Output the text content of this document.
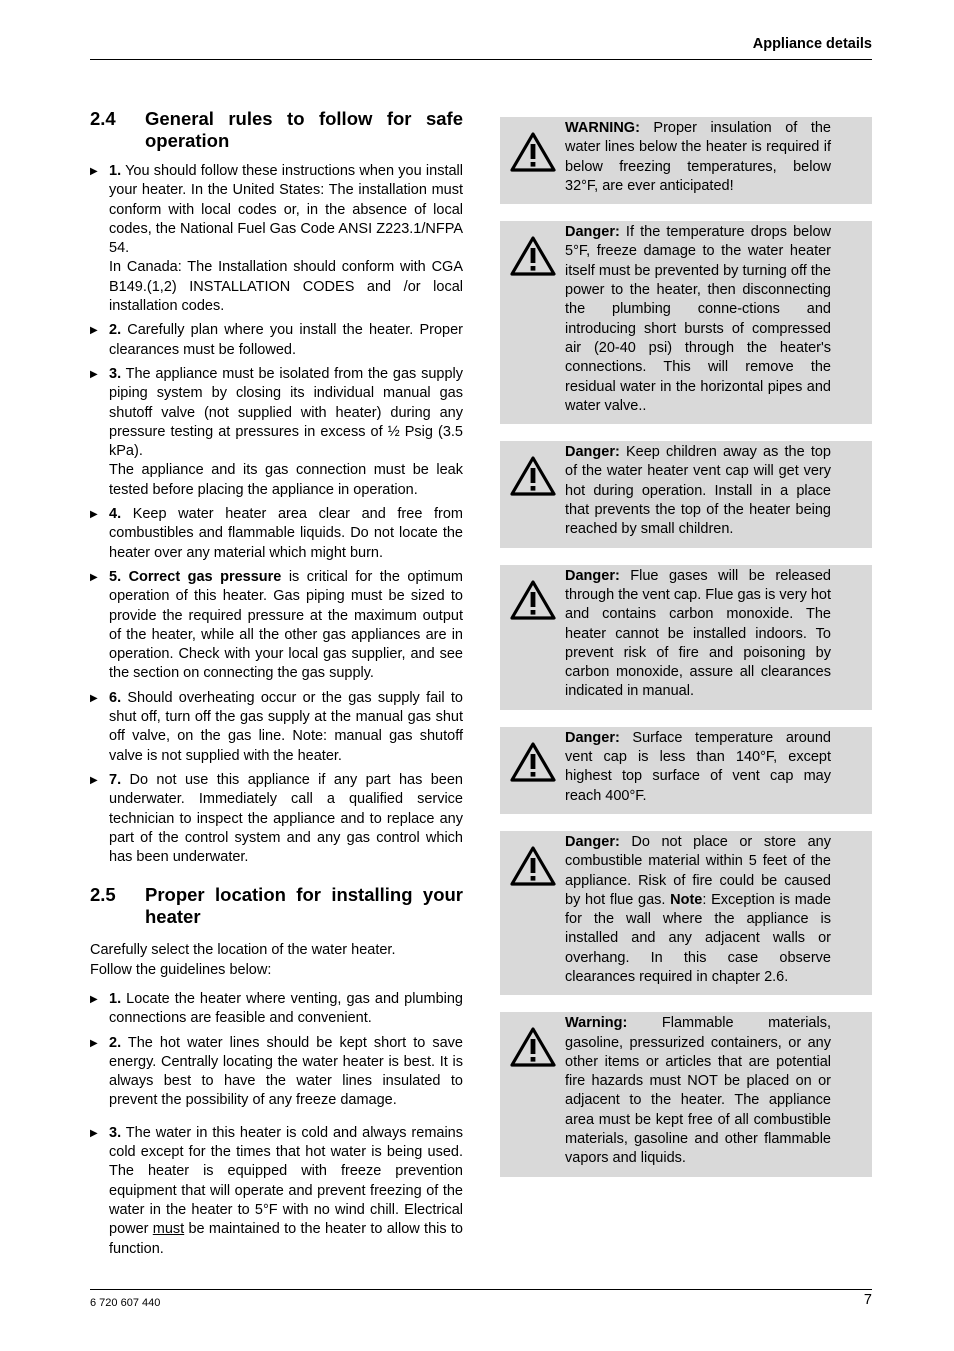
Appliance details
2.4	General rules to follow for safe operation
▶ 1. You should follow these instructions when you install your heater. In the United States: The installation must conform with local codes or, in the absence of local codes, the National Fuel Gas Code ANSI Z223.1/NFPA 54.

In Canada: The Installation should conform with CGA B149.(1,2) INSTALLATION CODES and /or local installation codes.

▶ 2. Carefully plan where you install the heater. Proper clearances must be followed.

▶ 3. The appliance must be isolated from the gas supply piping system by closing its individual manual gas shutoff valve (not supplied with heater) during any pressure testing at pressures in excess of ½ Psig (3.5 kPa).

The appliance and its gas connection must be leak tested before placing the appliance in operation.

▶ 4. Keep water heater area clear and free from combustibles and flammable liquids. Do not locate the heater over any material which might burn.

▶ 5. Correct gas pressure is critical for the optimum operation of this heater. Gas piping must be sized to provide the required pressure at the maximum output of the heater, while all the other gas appliances are in operation. Check with your local gas supplier, and see the section on connecting the gas supply.

▶ 6. Should overheating occur or the gas supply fail to shut off, turn off the gas supply at the manual gas shut off valve, on the gas line. Note: manual gas shutoff valve is not supplied with the heater.

▶ 7. Do not use this appliance if any part has been underwater. Immediately call a qualified service technician to inspect the appliance and to replace any part of the control system and any gas control which has been underwater.

2.5	Proper location for installing your heater

Carefully select the location of the water heater.

Follow the guidelines below:

▶ 1. Locate the heater where venting, gas and plumbing connections are feasible and convenient.

▶ 2. The hot water lines should be kept short to save energy. Centrally locating the water heater is best. It is always best to have the water lines insulated to prevent the possibility of any freeze damage.

▶ 3. The water in this heater is cold and always remains cold except for the times that hot water is being used. The heater is equipped with freeze prevention equipment that will operate and prevent freezing of the water in the heater to 5°F with no wind chill. Electrical power must be maintained to the heater to allow this to function.

WARNING: Proper insulation of the water lines below the heater is required if below freezing temperatures, below 32°F, are ever anticipated!
Danger: If the temperature drops below 5°F, freeze damage to the water heater itself must be prevented by turning off the power to the heater, then disconnecting the plumbing conne-ctions and introducing short bursts of compressed air (20-40 psi) through the heater's connections. This will remove the residual water in the horizontal pipes and water valve..
Danger: Keep children away as the top of the water heater vent cap will get very hot during operation. Install in a place that prevents the top of the heater being reached by small children.
Danger: Flue gases will be released through the vent cap. Flue gas is very hot and contains carbon monoxide. The heater cannot be installed indoors. To prevent risk of fire and poisoning by carbon monoxide, assure all clearances indicated in manual.
Danger: Surface temperature around vent cap is less than 140°F, except highest top surface of vent cap may reach 400°F.
Danger: Do not place or store any combustible material within 5 feet of the appliance. Risk of fire could be caused by hot flue gas. Note: Exception is made for the wall where the appliance is installed and any adjacent walls or overhang. In this case observe clearances required in chapter 2.6.
Warning: Flammable materials, gasoline, pressurized containers, or any other items or articles that are potential fire hazards must NOT be placed on or adjacent to the heater. The appliance area must be kept free of all combustible materials, gasoline and other flammable vapors and liquids.
6 720 607 440	7
